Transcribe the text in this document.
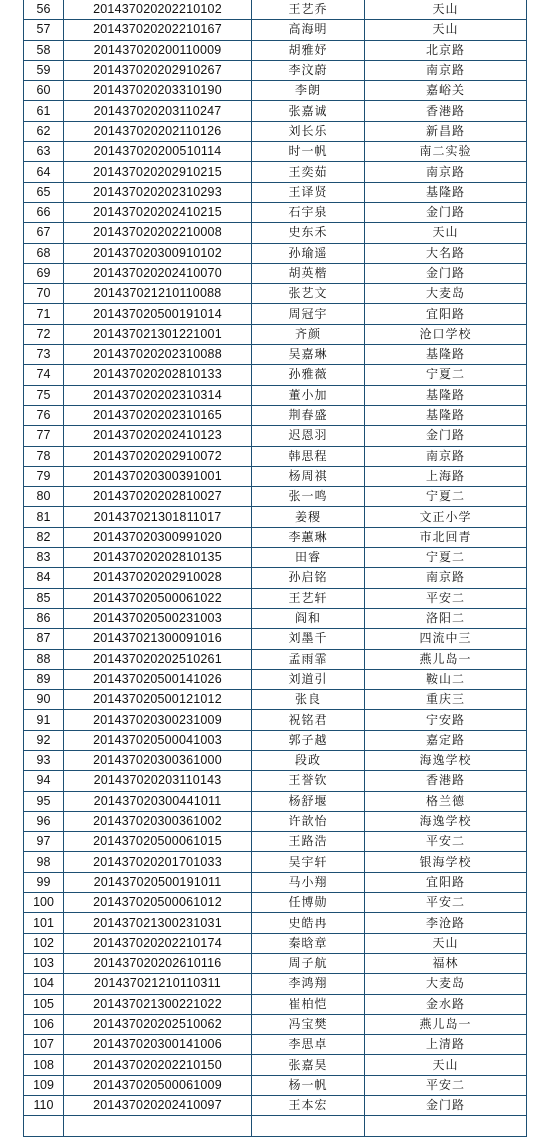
56	201437020202210102	王艺乔	天山
57	201437020202210167	高海明	天山
58	201437020200110009	胡雅妤	北京路
59	201437020202910267	李汶蔚	南京路
60	201437020203310190	李朗	嘉峪关
61	201437020203110247	张嘉诚	香港路
62	201437020202110126	刘长乐	新昌路
63	201437020200510114	时一帆	南二实验
64	201437020202910215	王奕茹	南京路
65	201437020202310293	王译贤	基隆路
66	201437020202410215	石宇泉	金门路
67	201437020202210008	史东禾	天山
68	201437020300910102	孙瑜遥	大名路
69	201437020202410070	胡英楷	金门路
70	201437021210110088	张艺文	大麦岛
71	201437020500191014	周冠宇	宜阳路
72	201437021301221001	齐颜	沧口学校
73	201437020202310088	吴嘉琳	基隆路
74	201437020202810133	孙雅薇	宁夏二
75	201437020202310314	董小加	基隆路
76	201437020202310165	荆春盛	基隆路
77	201437020202410123	迟恩羽	金门路
78	201437020202910072	韩思程	南京路
79	201437020300391001	杨周祺	上海路
80	201437020202810027	张一鸣	宁夏二
81	201437021301811017	姜稷	文正小学
82	201437020300991020	李蕙琳	市北回青
83	201437020202810135	田睿	宁夏二
84	201437020202910028	孙启铭	南京路
85	201437020500061022	王艺轩	平安二
86	201437020500231003	阎和	洛阳二
87	201437021300091016	刘墨千	四流中三
88	201437020202510261	孟雨霏	燕儿岛一
89	201437020500141026	刘道引	鞍山二
90	201437020500121012	张良	重庆三
91	201437020300231009	祝铭君	宁安路
92	201437020500041003	郭子越	嘉定路
93	201437020300361000	段政	海逸学校
94	201437020203110143	王誉钦	香港路
95	201437020300441011	杨舒堰	格兰德
96	201437020300361002	许歆怡	海逸学校
97	201437020500061015	王路浩	平安二
98	201437020201701033	吴宇轩	银海学校
99	201437020500191011	马小翔	宜阳路
100	201437020500061012	任博勋	平安二
101	201437021300231031	史皓冉	李沧路
102	201437020202210174	秦晗章	天山
103	201437020202610116	周子航	福林
104	201437021210110311	李鸿翔	大麦岛
105	201437021300221022	崔柏恺	金水路
106	201437020202510062	冯宝樊	燕儿岛一
107	201437020300141006	李思卓	上清路
108	201437020202210150	张嘉昊	天山
109	201437020500061009	杨一帆	平安二
110	201437020202410097	王本宏	金门路
